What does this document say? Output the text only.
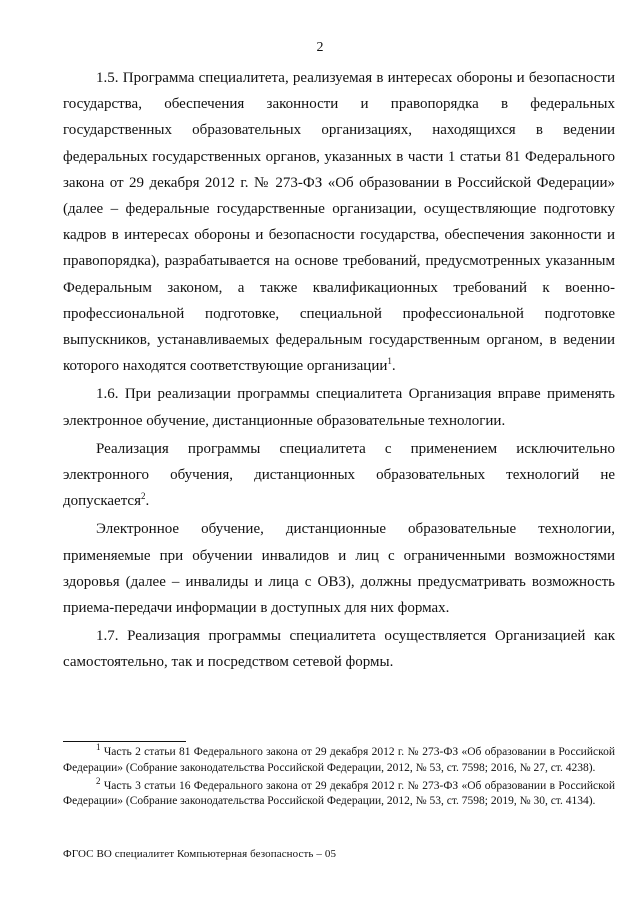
2

1.5. Программа специалитета, реализуемая в интересах обороны и безопасности государства, обеспечения законности и правопорядка в федеральных государственных образовательных организациях, находящихся в ведении федеральных государственных органов, указанных в части 1 статьи 81 Федерального закона от 29 декабря 2012 г. № 273-ФЗ «Об образовании в Российской Федерации» (далее – федеральные государственные организации, осуществляющие подготовку кадров в интересах обороны и безопасности государства, обеспечения законности и правопорядка), разрабатывается на основе требований, предусмотренных указанным Федеральным законом, а также квалификационных требований к военно-профессиональной подготовке, специальной профессиональной подготовке выпускников, устанавливаемых федеральным государственным органом, в ведении которого находятся соответствующие организации$^1$.

1.6. При реализации программы специалитета Организация вправе применять электронное обучение, дистанционные образовательные технологии.

Реализация программы специалитета с применением исключительно электронного обучения, дистанционных образовательных технологий не допускается$^2$.

Электронное обучение, дистанционные образовательные технологии, применяемые при обучении инвалидов и лиц с ограниченными возможностями здоровья (далее – инвалиды и лица с ОВЗ), должны предусматривать возможность приема-передачи информации в доступных для них формах.

1.7. Реализация программы специалитета осуществляется Организацией как самостоятельно, так и посредством сетевой формы.

$^1$ Часть 2 статьи 81 Федерального закона от 29 декабря 2012 г. № 273-ФЗ «Об образовании в Российской Федерации» (Собрание законодательства Российской Федерации, 2012, № 53, ст. 7598; 2016, № 27, ст. 4238).

$^2$ Часть 3 статьи 16 Федерального закона от 29 декабря 2012 г. № 273-ФЗ «Об образовании в Российской Федерации» (Собрание законодательства Российской Федерации, 2012, № 53, ст. 7598; 2019, № 30, ст. 4134).

ФГОС ВО специалитет Компьютерная безопасность – 05
